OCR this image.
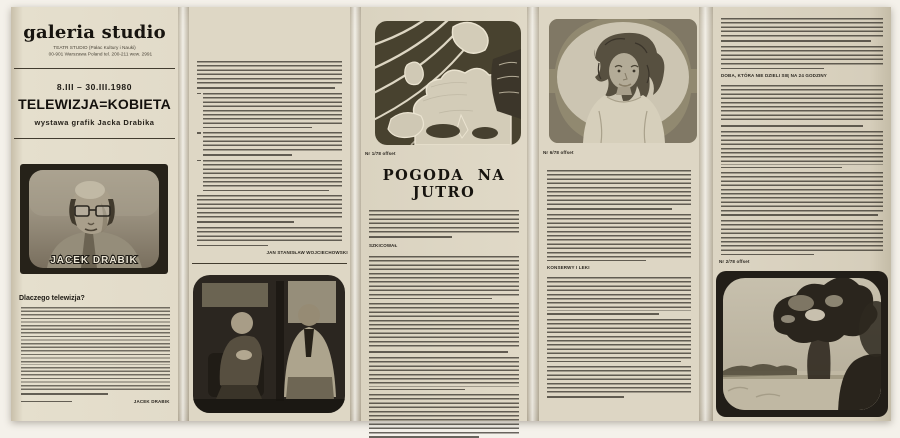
galeria studio
TEATR STUDIO (Pałac Kultury i Nauki)
00-901 Warszawa Poland tel. 200-211 wew. 2991
8.III – 30.III.1980
TELEWIZJA=KOBIETA
wystawa grafik Jacka Drabika
JACEK DRABIK
Dlaczego telewizja?
JACEK DRABIK
JAN STANISŁAW WOJCIECHOWSKI
Nr 1/78 offset
POGODA NA JUTRO
SZKICOWAŁ
Nr 6/78 offset
KONSERWY I LEKI
DOBA, KTÓRA NIE DZIELI SIĘ NA 24 GODZINY
Nr 2/78 offset
